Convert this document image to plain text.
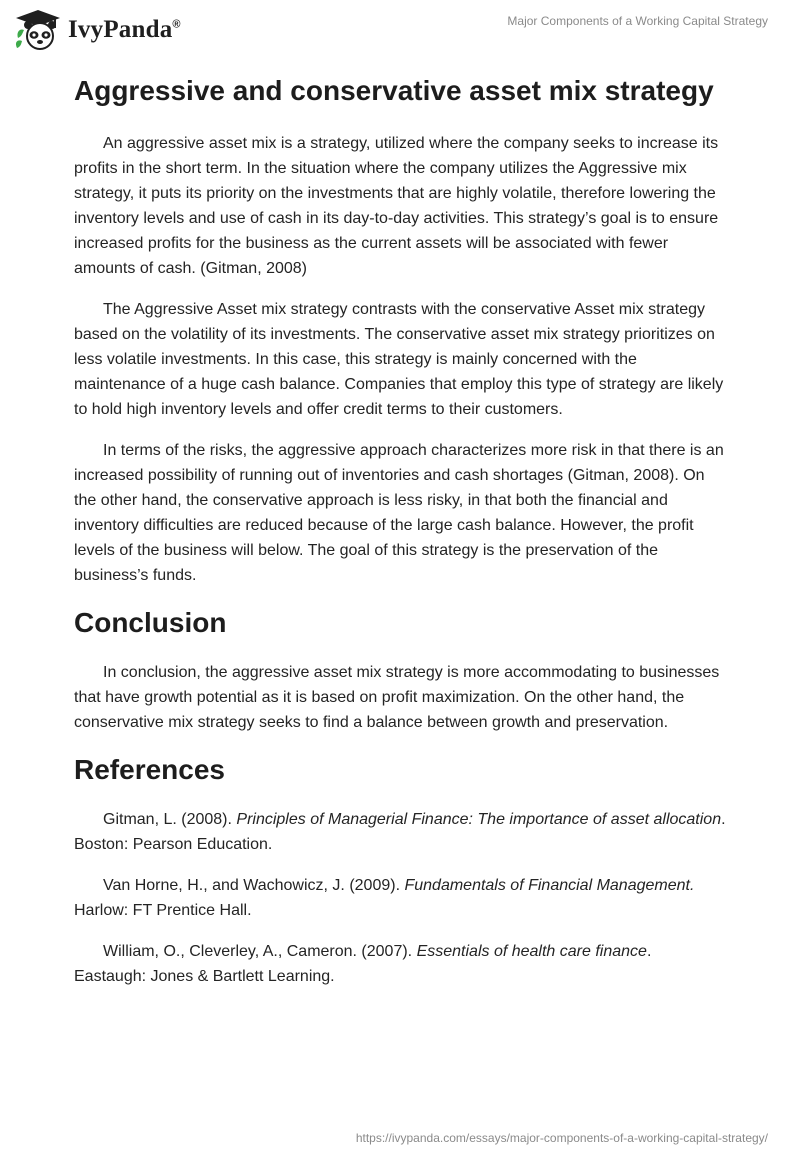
IvyPanda®	Major Components of a Working Capital Strategy
Aggressive and conservative asset mix strategy

An aggressive asset mix is a strategy, utilized where the company seeks to increase its profits in the short term. In the situation where the company utilizes the Aggressive mix strategy, it puts its priority on the investments that are highly volatile, therefore lowering the inventory levels and use of cash in its day-to-day activities. This strategy’s goal is to ensure increased profits for the business as the current assets will be associated with fewer amounts of cash. (Gitman, 2008)

The Aggressive Asset mix strategy contrasts with the conservative Asset mix strategy based on the volatility of its investments. The conservative asset mix strategy prioritizes on less volatile investments. In this case, this strategy is mainly concerned with the maintenance of a huge cash balance. Companies that employ this type of strategy are likely to hold high inventory levels and offer credit terms to their customers.

In terms of the risks, the aggressive approach characterizes more risk in that there is an increased possibility of running out of inventories and cash shortages (Gitman, 2008). On the other hand, the conservative approach is less risky, in that both the financial and inventory difficulties are reduced because of the large cash balance. However, the profit levels of the business will below. The goal of this strategy is the preservation of the business’s funds.

Conclusion

In conclusion, the aggressive asset mix strategy is more accommodating to businesses that have growth potential as it is based on profit maximization. On the other hand, the conservative mix strategy seeks to find a balance between growth and preservation.

References

Gitman, L. (2008). Principles of Managerial Finance: The importance of asset allocation. Boston: Pearson Education.

Van Horne, H., and Wachowicz, J. (2009). Fundamentals of Financial Management. Harlow: FT Prentice Hall.

William, O., Cleverley, A., Cameron. (2007). Essentials of health care finance. Eastaugh: Jones & Bartlett Learning.

https://ivypanda.com/essays/major-components-of-a-working-capital-strategy/
